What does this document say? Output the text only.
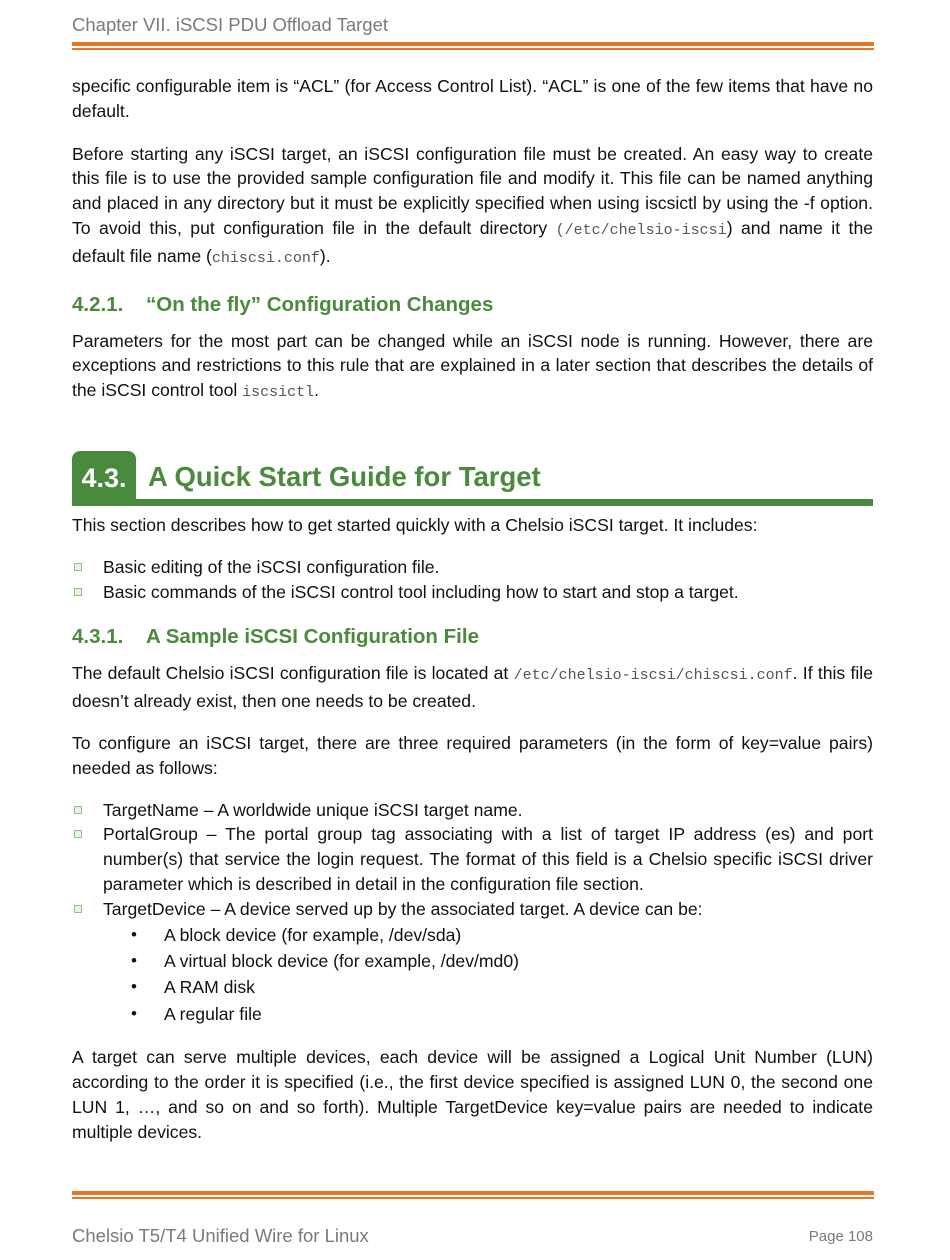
Chapter VII. iSCSI PDU Offload Target

specific configurable item is “ACL” (for Access Control List). “ACL” is one of the few items that have no default.

Before starting any iSCSI target, an iSCSI configuration file must be created. An easy way to create this file is to use the provided sample configuration file and modify it. This file can be named anything and placed in any directory but it must be explicitly specified when using iscsictl by using the -f option. To avoid this, put configuration file in the default directory (/etc/chelsio-iscsi) and name it the default file name (chiscsi.conf).

4.2.1. “On the fly” Configuration Changes

Parameters for the most part can be changed while an iSCSI node is running. However, there are exceptions and restrictions to this rule that are explained in a later section that describes the details of the iSCSI control tool iscsictl.

4.3. A Quick Start Guide for Target

This section describes how to get started quickly with a Chelsio iSCSI target. It includes:

Basic editing of the iSCSI configuration file.
Basic commands of the iSCSI control tool including how to start and stop a target.
4.3.1. A Sample iSCSI Configuration File

The default Chelsio iSCSI configuration file is located at /etc/chelsio-iscsi/chiscsi.conf. If this file doesn’t already exist, then one needs to be created.

To configure an iSCSI target, there are three required parameters (in the form of key=value pairs) needed as follows:

TargetName – A worldwide unique iSCSI target name.
PortalGroup – The portal group tag associating with a list of target IP address (es) and port number(s) that service the login request. The format of this field is a Chelsio specific iSCSI driver parameter which is described in detail in the configuration file section.
TargetDevice – A device served up by the associated target. A device can be:
• A block device (for example, /dev/sda)
• A virtual block device (for example, /dev/md0)
• A RAM disk
• A regular file

A target can serve multiple devices, each device will be assigned a Logical Unit Number (LUN) according to the order it is specified (i.e., the first device specified is assigned LUN 0, the second one LUN 1, …, and so on and so forth). Multiple TargetDevice key=value pairs are needed to indicate multiple devices.

Chelsio T5/T4 Unified Wire for Linux	Page 108
